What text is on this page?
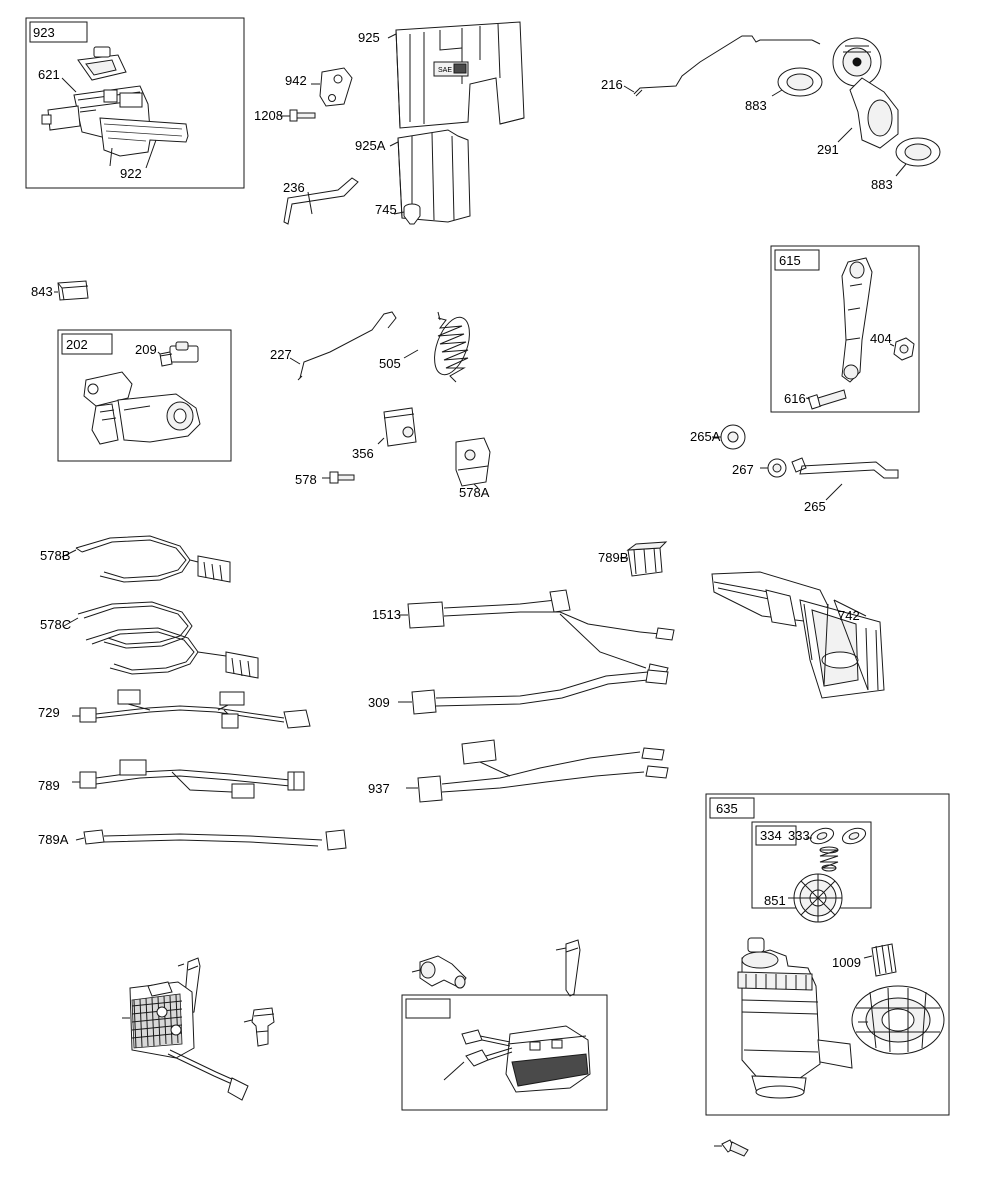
SAE
923
202
615
635
334
621
922
942
1208
925
925A
236
745
216
883
291
883
843
209	227
505
404
616
265A
267
265
356
578
578A
578B
578C
729
789
789A
789B
1513
309
937
742
333
851
1009
